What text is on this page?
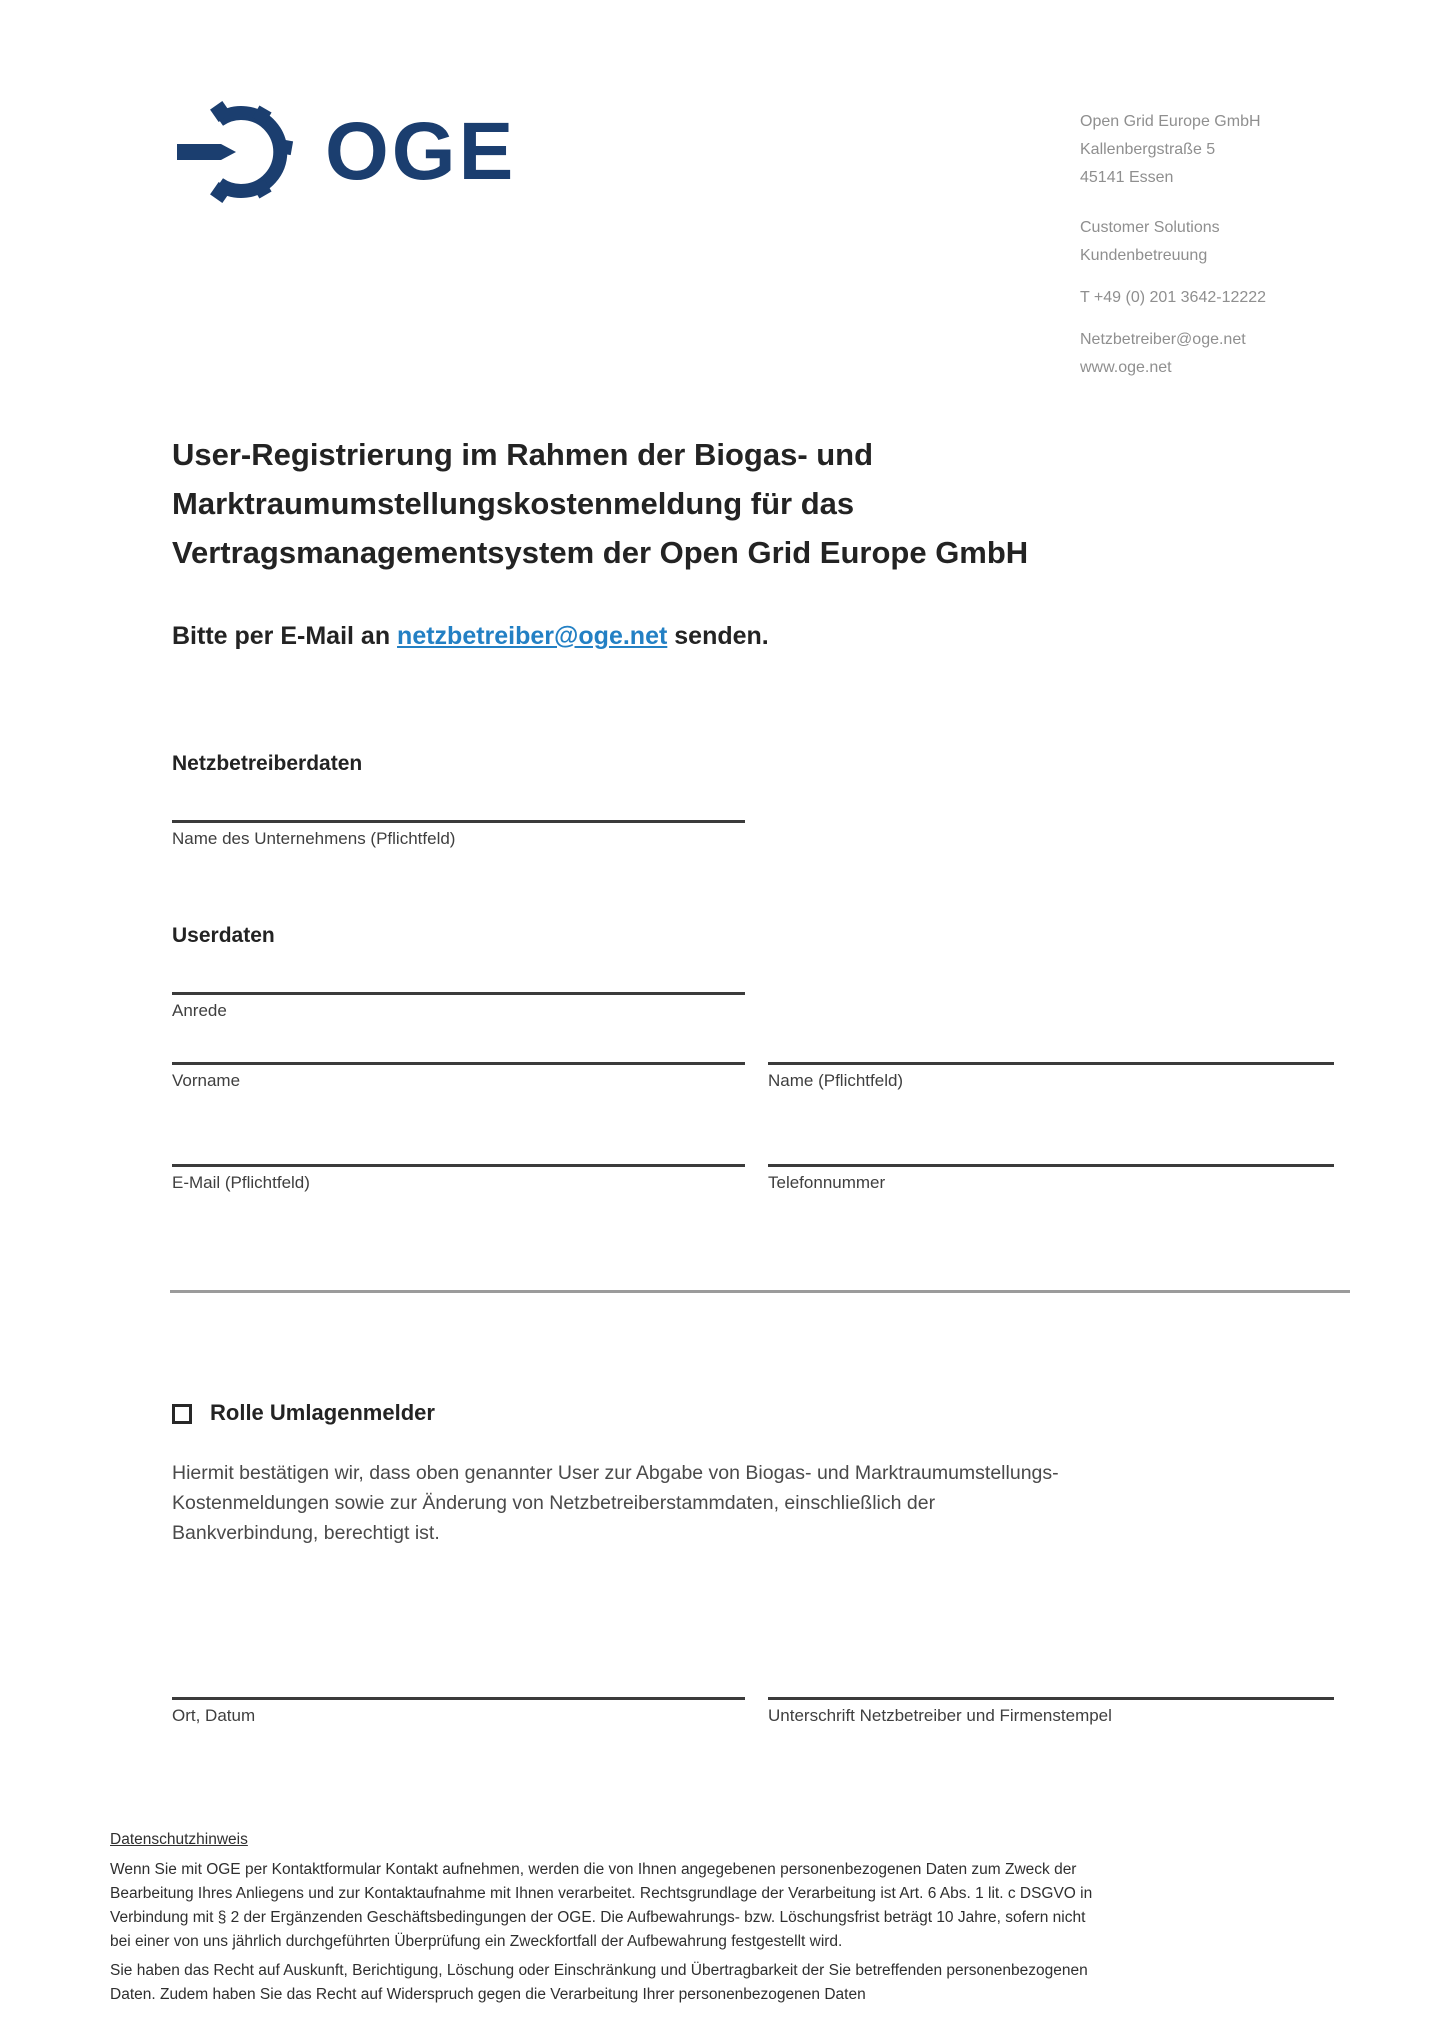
OGE	Open Grid Europe GmbH

Kallenbergstraße 5

45141 Essen

Customer Solutions

Kundenbetreuung

T +49 (0) 201 3642-12222

Netzbetreiber@oge.net

www.oge.net

User-Registrierung im Rahmen der Biogas- und
Marktraumumstellungskostenmeldung für das
Vertragsmanagementsystem der Open Grid Europe GmbH
Bitte per E-Mail an netzbetreiber@oge.net senden.
Netzbetreiberdaten
Name des Unternehmens (Pflichtfeld)
Userdaten
Anrede
Vorname	Name (Pflichtfeld)
E-Mail (Pflichtfeld)	Telefonnummer
Rolle Umlagenmelder
Hiermit bestätigen wir, dass oben genannter User zur Abgabe von Biogas- und Marktraumumstellungs-
Kostenmeldungen sowie zur Änderung von Netzbetreiberstammdaten, einschließlich der
Bankverbindung, berechtigt ist.
Ort, Datum	Unterschrift Netzbetreiber und Firmenstempel
Datenschutzhinweis

Wenn Sie mit OGE per Kontaktformular Kontakt aufnehmen, werden die von Ihnen angegebenen personenbezogenen Daten zum Zweck der

Bearbeitung Ihres Anliegens und zur Kontaktaufnahme mit Ihnen verarbeitet. Rechtsgrundlage der Verarbeitung ist Art. 6 Abs. 1 lit. c DSGVO in

Verbindung mit § 2 der Ergänzenden Geschäftsbedingungen der OGE. Die Aufbewahrungs- bzw. Löschungsfrist beträgt 10 Jahre, sofern nicht

bei einer von uns jährlich durchgeführten Überprüfung ein Zweckfortfall der Aufbewahrung festgestellt wird.

Sie haben das Recht auf Auskunft, Berichtigung, Löschung oder Einschränkung und Übertragbarkeit der Sie betreffenden personenbezogenen

Daten. Zudem haben Sie das Recht auf Widerspruch gegen die Verarbeitung Ihrer personenbezogenen Daten
